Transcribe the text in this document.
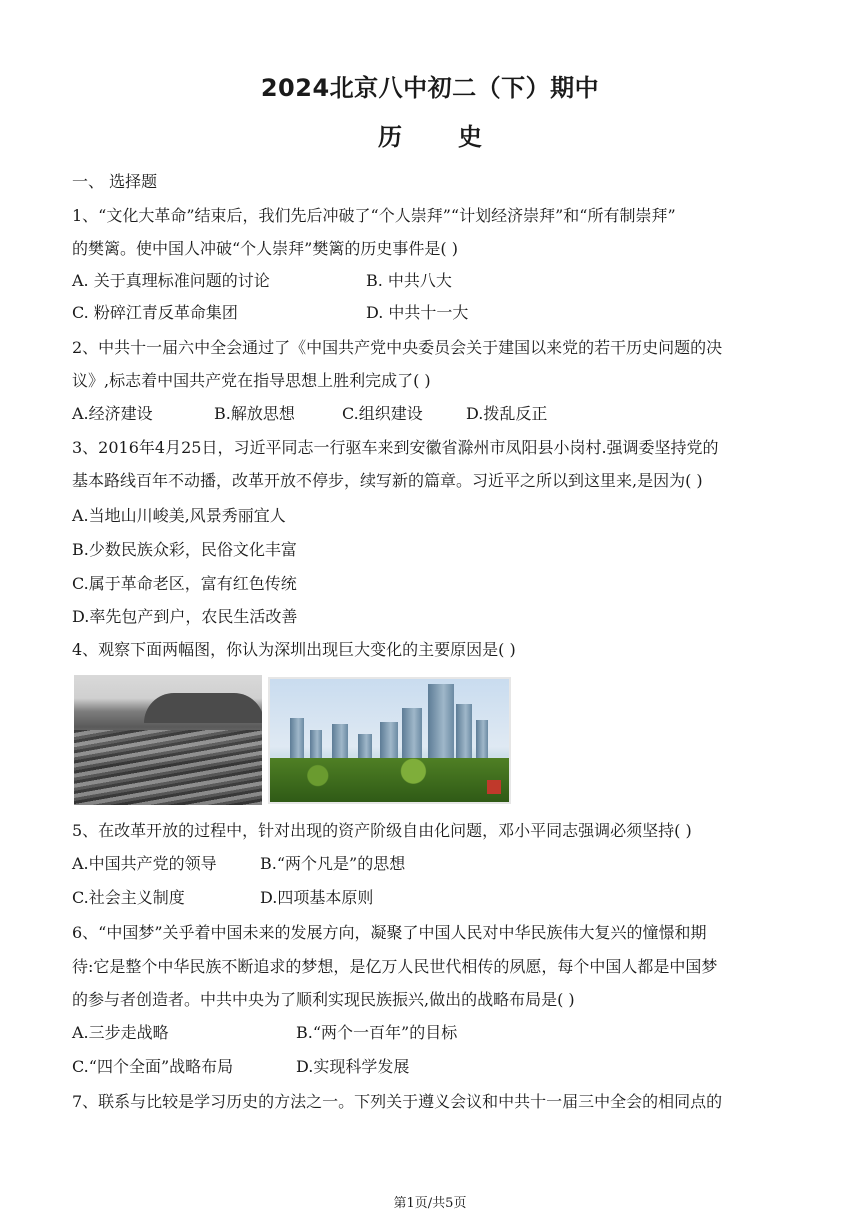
2024北京八中初二（下）期中
历史
一、 选择题
1、“文化大革命”结束后，我们先后冲破了“个人崇拜”“计划经济崇拜”和“所有制崇拜”
的樊篱。使中国人冲破“个人崇拜”樊篱的历史事件是( )
A. 关于真理标准问题的讨论	B. 中共八大
C. 粉碎江青反革命集团	D. 中共十一大
2、中共十一届六中全会通过了《中国共产党中央委员会关于建国以来党的若干历史问题的决
议》,标志着中国共产党在指导思想上胜利完成了( )
A.经济建设	B.解放思想	C.组织建设	D.拨乱反正
3、2016年4月25日，习近平同志一行驱车来到安徽省滁州市凤阳县小岗村.强调委坚持党的
基本路线百年不动播，改革开放不停步，续写新的篇章。习近平之所以到这里来,是因为( )
A.当地山川峻美,风景秀丽宜人
B.少数民族众彩，民俗文化丰富
C.属于革命老区，富有红色传统
D.率先包产到户，农民生活改善
4、观察下面两幅图，你认为深圳出现巨大变化的主要原因是( )
5、在改革开放的过程中，针对出现的资产阶级自由化问题，邓小平同志强调必须坚持( )
A.中国共产党的领导	B.“两个凡是”的思想
C.社会主义制度	D.四项基本原则
6、“中国梦”关乎着中国未来的发展方向，凝聚了中国人民对中华民族伟大复兴的憧憬和期
待:它是整个中华民族不断追求的梦想，是亿万人民世代相传的夙愿，每个中国人都是中国梦
的参与者创造者。中共中央为了顺利实现民族振兴,做出的战略布局是( )
A.三步走战略	B.“两个一百年”的目标
C.“四个全面”战略布局	D.实现科学发展
7、联系与比较是学习历史的方法之一。下列关于遵义会议和中共十一届三中全会的相同点的
第1页/共5页
